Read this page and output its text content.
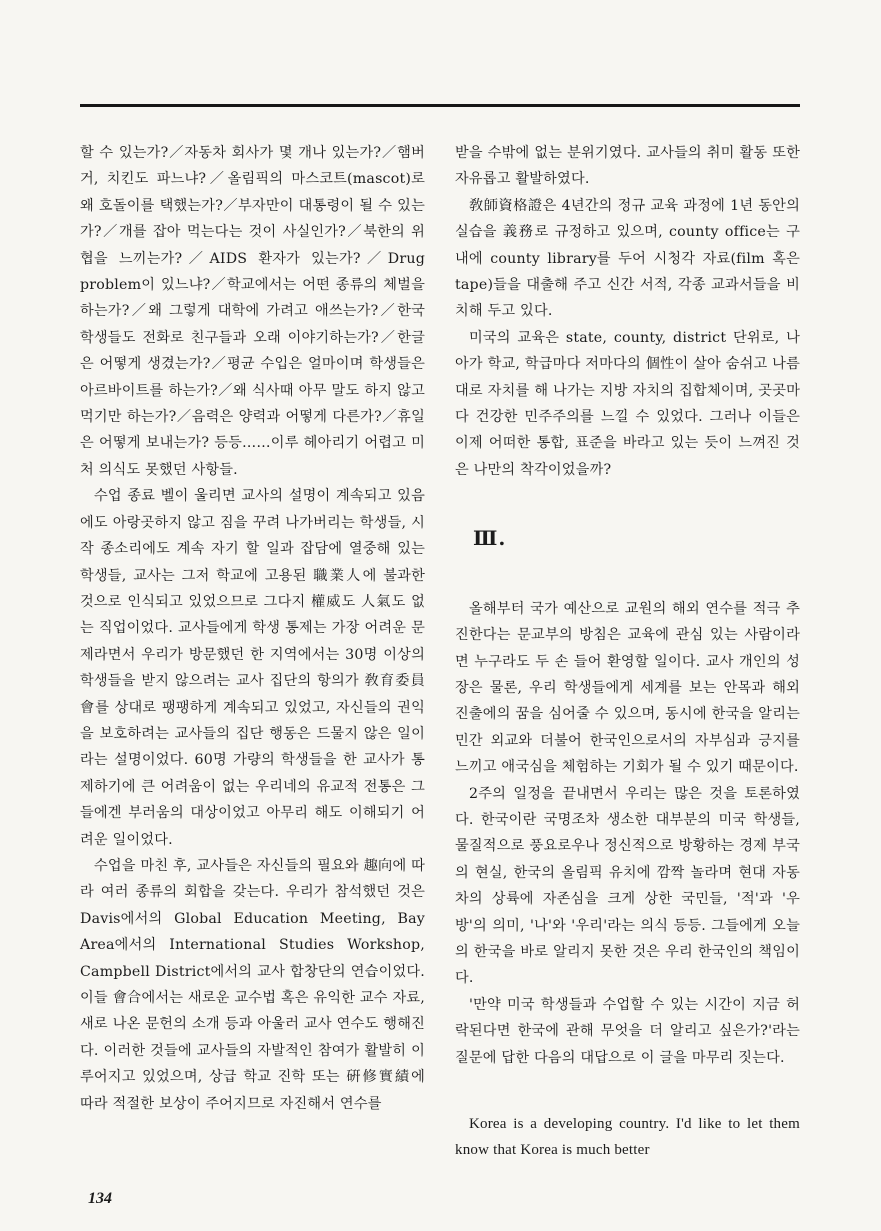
할 수 있는가?／자동차 회사가 몇 개나 있는가?／햄버거, 치킨도 파느냐?／올림픽의 마스코트(mascot)로 왜 호돌이를 택했는가?／부자만이 대통령이 될 수 있는가?／개를 잡아 먹는다는 것이 사실인가?／북한의 위협을 느끼는가?／AIDS 환자가 있는가?／Drug problem이 있느냐?／학교에서는 어떤 종류의 체벌을 하는가?／왜 그렇게 대학에 가려고 애쓰는가?／한국 학생들도 전화로 친구들과 오래 이야기하는가?／한글은 어떻게 생겼는가?／평균 수입은 얼마이며 학생들은 아르바이트를 하는가?／왜 식사때 아무 말도 하지 않고 먹기만 하는가?／음력은 양력과 어떻게 다른가?／휴일은 어떻게 보내는가? 등등……이루 헤아리기 어렵고 미처 의식도 못했던 사항들.

수업 종료 벨이 울리면 교사의 설명이 계속되고 있음에도 아랑곳하지 않고 짐을 꾸려 나가버리는 학생들, 시작 종소리에도 계속 자기 할 일과 잡담에 열중해 있는 학생들, 교사는 그저 학교에 고용된 職業人에 불과한 것으로 인식되고 있었으므로 그다지 權威도 人氣도 없는 직업이었다. 교사들에게 학생 통제는 가장 어려운 문제라면서 우리가 방문했던 한 지역에서는 30명 이상의 학생들을 받지 않으려는 교사 집단의 항의가 敎育委員會를 상대로 팽팽하게 계속되고 있었고, 자신들의 권익을 보호하려는 교사들의 집단 행동은 드물지 않은 일이라는 설명이었다. 60명 가량의 학생들을 한 교사가 통제하기에 큰 어려움이 없는 우리네의 유교적 전통은 그들에겐 부러움의 대상이었고 아무리 해도 이해되기 어려운 일이었다.

수업을 마친 후, 교사들은 자신들의 필요와 趣向에 따라 여러 종류의 회합을 갖는다. 우리가 참석했던 것은 Davis에서의 Global Education Meeting, Bay Area에서의 International Studies Workshop, Campbell District에서의 교사 합창단의 연습이었다. 이들 會合에서는 새로운 교수법 혹은 유익한 교수 자료, 새로 나온 문헌의 소개 등과 아울러 교사 연수도 행해진다. 이러한 것들에 교사들의 자발적인 참여가 활발히 이루어지고 있었으며, 상급 학교 진학 또는 硏修實績에 따라 적절한 보상이 주어지므로 자진해서 연수를

받을 수밖에 없는 분위기였다. 교사들의 취미 활동 또한 자유롭고 활발하였다.

敎師資格證은 4년간의 정규 교육 과정에 1년 동안의 실습을 義務로 규정하고 있으며, county office는 구내에 county library를 두어 시청각 자료(film 혹은 tape)들을 대출해 주고 신간 서적, 각종 교과서들을 비치해 두고 있다.

미국의 교육은 state, county, district 단위로, 나아가 학교, 학급마다 저마다의 個性이 살아 숨쉬고 나름대로 자치를 해 나가는 지방 자치의 집합체이며, 곳곳마다 건강한 민주주의를 느낄 수 있었다. 그러나 이들은 이제 어떠한 통합, 표준을 바라고 있는 듯이 느껴진 것은 나만의 착각이었을까?

Ⅲ.

올해부터 국가 예산으로 교원의 해외 연수를 적극 추진한다는 문교부의 방침은 교육에 관심 있는 사람이라면 누구라도 두 손 들어 환영할 일이다. 교사 개인의 성장은 물론, 우리 학생들에게 세계를 보는 안목과 해외 진출에의 꿈을 심어줄 수 있으며, 동시에 한국을 알리는 민간 외교와 더불어 한국인으로서의 자부심과 긍지를 느끼고 애국심을 체험하는 기회가 될 수 있기 때문이다.

2주의 일정을 끝내면서 우리는 많은 것을 토론하였다. 한국이란 국명조차 생소한 대부분의 미국 학생들, 물질적으로 풍요로우나 정신적으로 방황하는 경제 부국의 현실, 한국의 올림픽 유치에 깜짝 놀라며 현대 자동차의 상륙에 자존심을 크게 상한 국민들, '적'과 '우방'의 의미, '나'와 '우리'라는 의식 등등. 그들에게 오늘의 한국을 바로 알리지 못한 것은 우리 한국인의 책임이다.

'만약 미국 학생들과 수업할 수 있는 시간이 지금 허락된다면 한국에 관해 무엇을 더 알리고 싶은가?'라는 질문에 답한 다음의 대답으로 이 글을 마무리 짓는다.

Korea is a developing country. I'd like to let them know that Korea is much better

134
